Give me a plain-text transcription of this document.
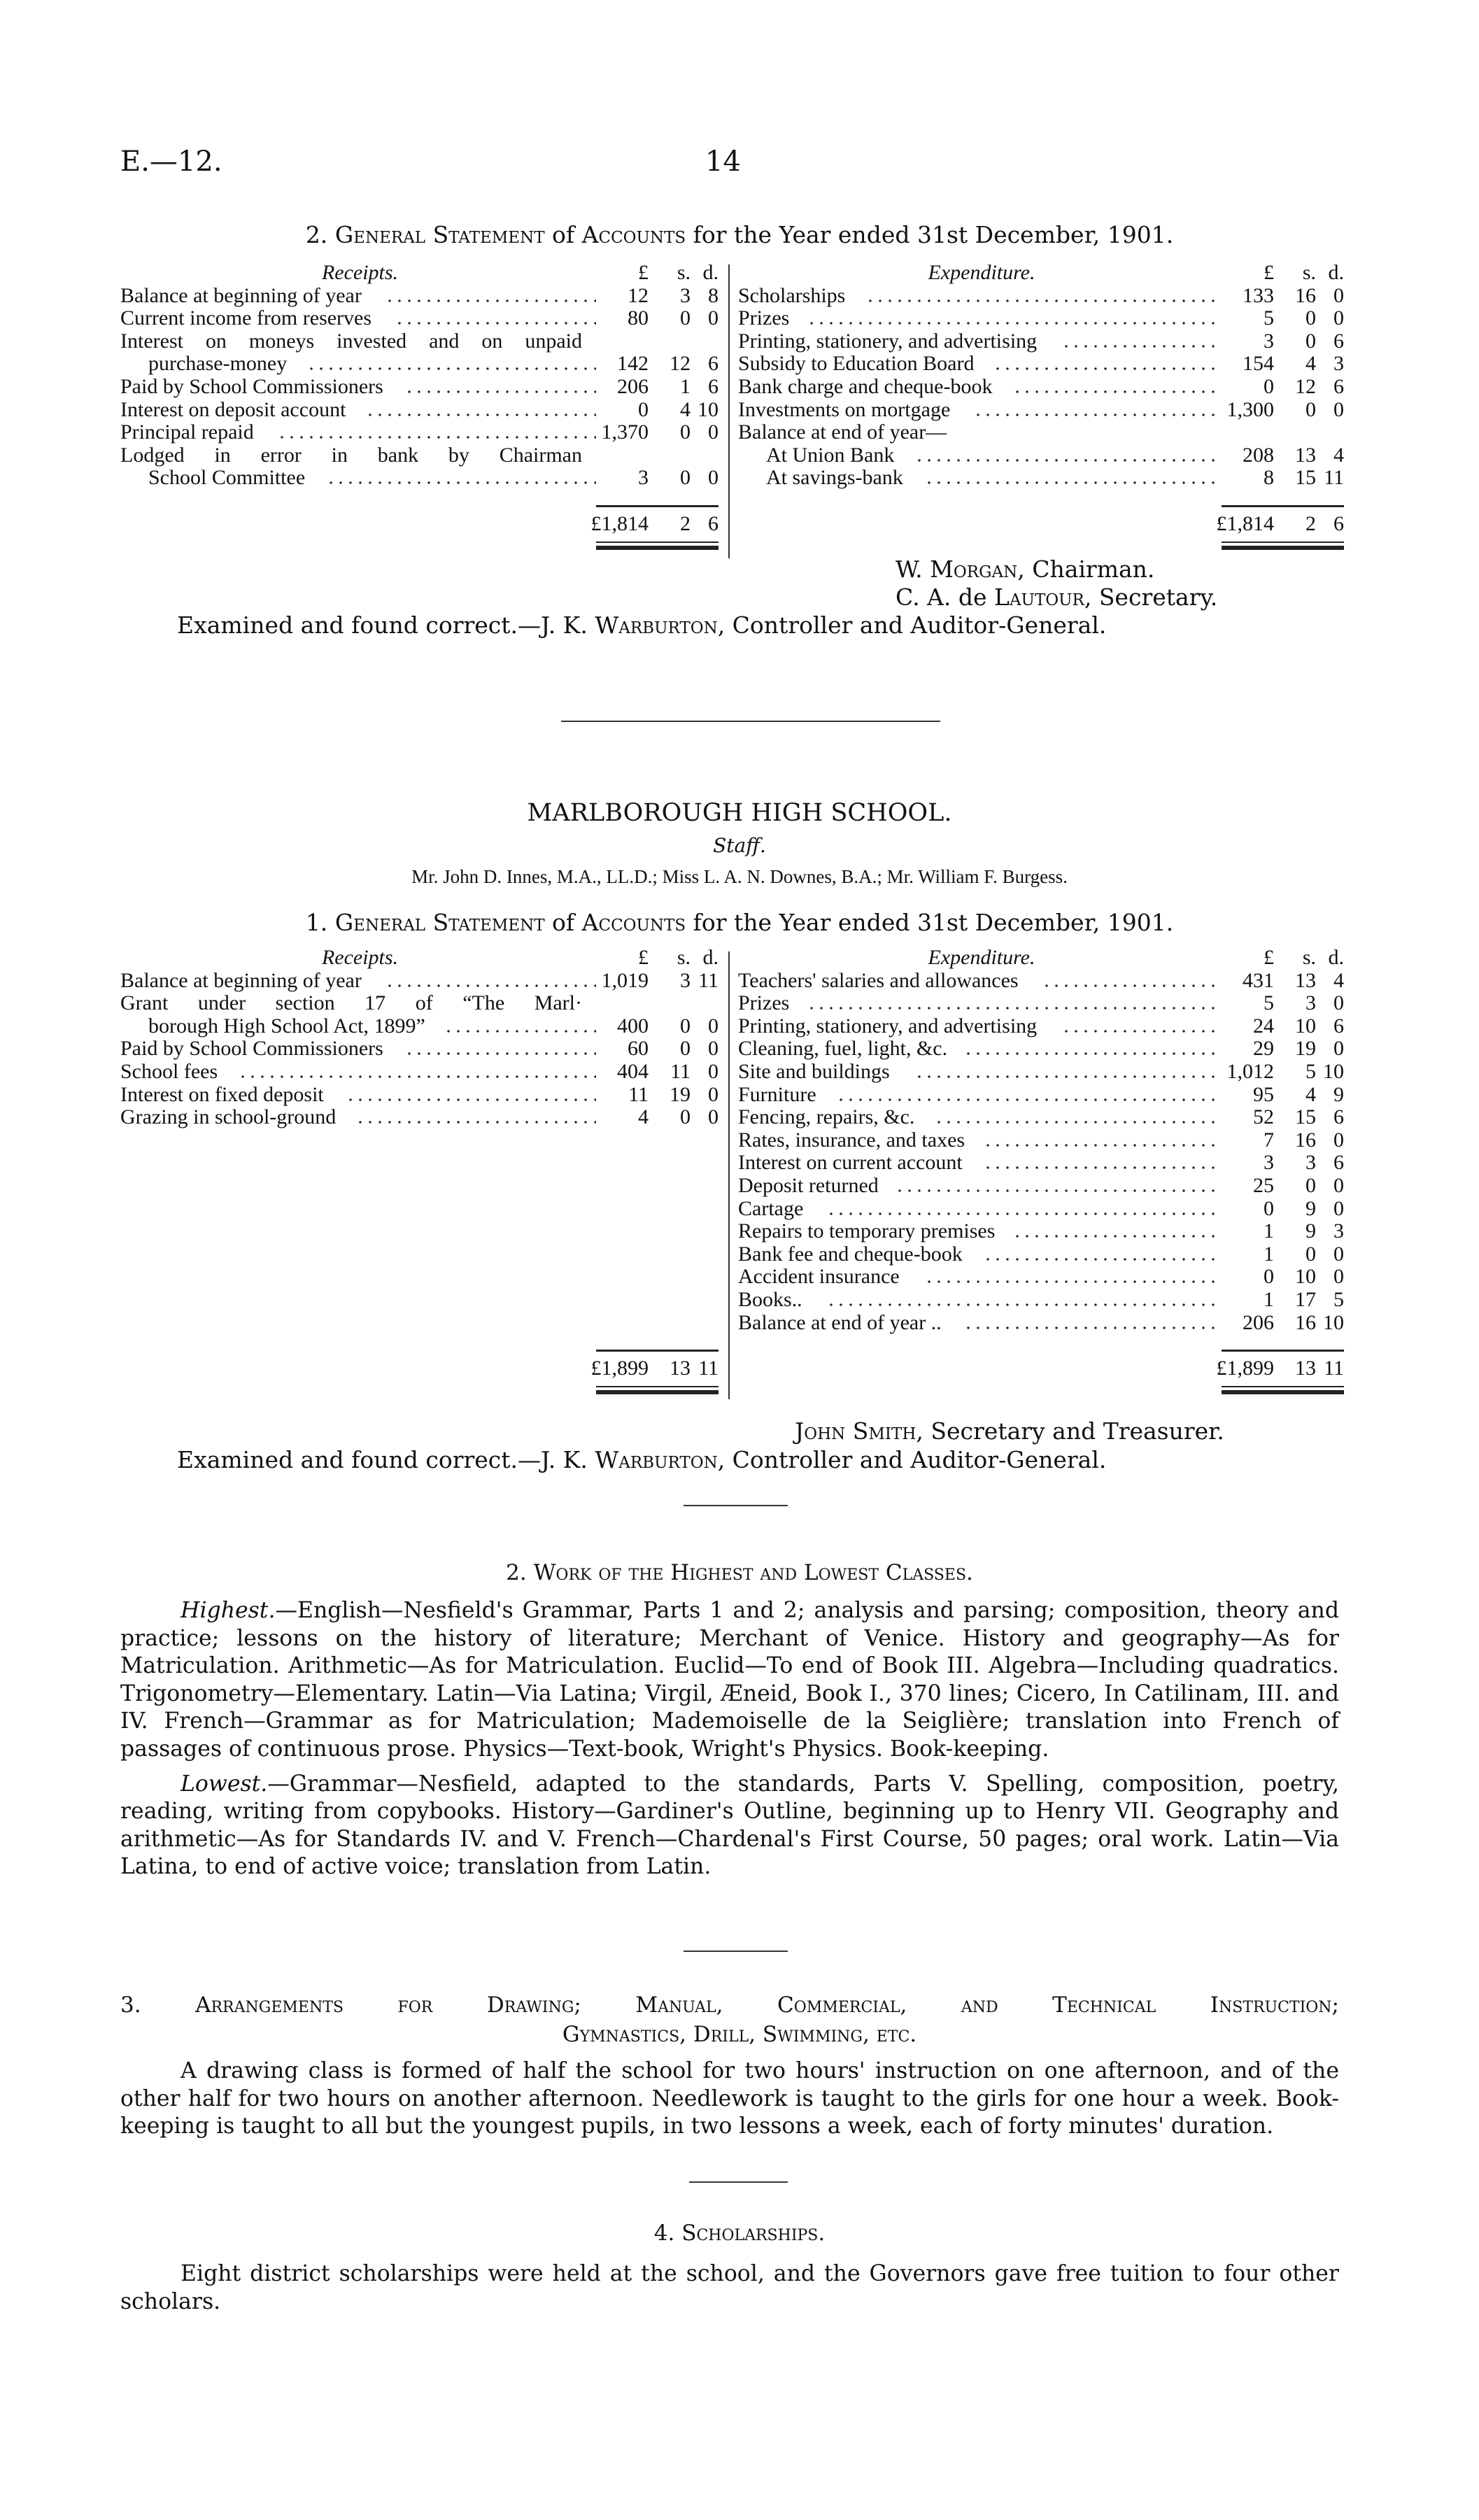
E.—12.	14
2. General Statement of Accounts for the Year ended 31st December, 1901.
Receipts.	£	s. d.
Balance at beginning of year	12	3 8
Current income from reserves	80	0 0
Interest on moneys invested and on unpaid
purchase-money	142	12 6
Paid by School Commissioners	206	1 6
Interest on deposit account	0	4 10
Principal repaid	1,370	0 0
Lodged in error in bank by Chairman
School Committee	3	0 0
£1,814	2 6
Expenditure.	£	s. d.
Scholarships	133	16 0
Prizes	5	0 0
Printing, stationery, and advertising	3	0 6
Subsidy to Education Board	154	4 3
Bank charge and cheque-book	0	12 6
Investments on mortgage	1,300	0 0
Balance at end of year—
At Union Bank	208	13 4
At savings-bank	8	15 11
£1,814	2 6
W. Morgan, Chairman.
C. A. de Lautour, Secretary.
Examined and found correct.—J. K. Warburton, Controller and Auditor-General.
MARLBOROUGH HIGH SCHOOL.
Staff.
Mr. John D. Innes, M.A., LL.D.; Miss L. A. N. Downes, B.A.; Mr. William F. Burgess.
1. General Statement of Accounts for the Year ended 31st December, 1901.
Receipts.	£	s. d.
Balance at beginning of year	1,019	3 11
Grant under section 17 of “The Marl·
borough High School Act, 1899”	400	0 0
Paid by School Commissioners	60	0 0
School fees	404	11 0
Interest on fixed deposit	11	19 0
Grazing in school-ground	4	0 0
£1,899	13 11
Expenditure.	£	s. d.
Teachers' salaries and allowances	431	13 4
Prizes	5	3 0
Printing, stationery, and advertising	24	10 6
Cleaning, fuel, light, &c.	29	19 0
Site and buildings	1,012	5 10
Furniture	95	4 9
Fencing, repairs, &c.	52	15 6
Rates, insurance, and taxes	7	16 0
Interest on current account	3	3 6
Deposit returned	25	0 0
Cartage	0	9 0
Repairs to temporary premises	1	9 3
Bank fee and cheque-book	1	0 0
Accident insurance	0	10 0
Books..	1	17 5
Balance at end of year ..	206	16 10
£1,899	13 11
John Smith, Secretary and Treasurer.
Examined and found correct.—J. K. Warburton, Controller and Auditor-General.
2. Work of the Highest and Lowest Classes.

Highest.—English—Nesfield's Grammar, Parts 1 and 2; analysis and parsing; composition, theory and practice; lessons on the history of literature; Merchant of Venice. History and geography—As for Matriculation. Arithmetic—As for Matriculation. Euclid—To end of Book III. Algebra—Including quadratics. Trigonometry—Elementary. Latin—Via Latina; Virgil, Æneid, Book I., 370 lines; Cicero, In Catilinam, III. and IV. French—Grammar as for Matriculation; Mademoiselle de la Seiglière; translation into French of passages of continuous prose. Physics—Text-book, Wright's Physics. Book-keeping.

Lowest.—Grammar—Nesfield, adapted to the standards, Parts V. Spelling, composition, poetry, reading, writing from copybooks. History—Gardiner's Outline, beginning up to Henry VII. Geography and arithmetic—As for Standards IV. and V. French—Chardenal's First Course, 50 pages; oral work. Latin—Via Latina, to end of active voice; translation from Latin.

3. Arrangements for Drawing; Manual, Commercial, and Technical Instruction;
Gymnastics, Drill, Swimming, etc.

A drawing class is formed of half the school for two hours' instruction on one afternoon, and of the other half for two hours on another afternoon. Needlework is taught to the girls for one hour a week. Book-keeping is taught to all but the youngest pupils, in two lessons a week, each of forty minutes' duration.

4. Scholarships.

Eight district scholarships were held at the school, and the Governors gave free tuition to four other scholars.
